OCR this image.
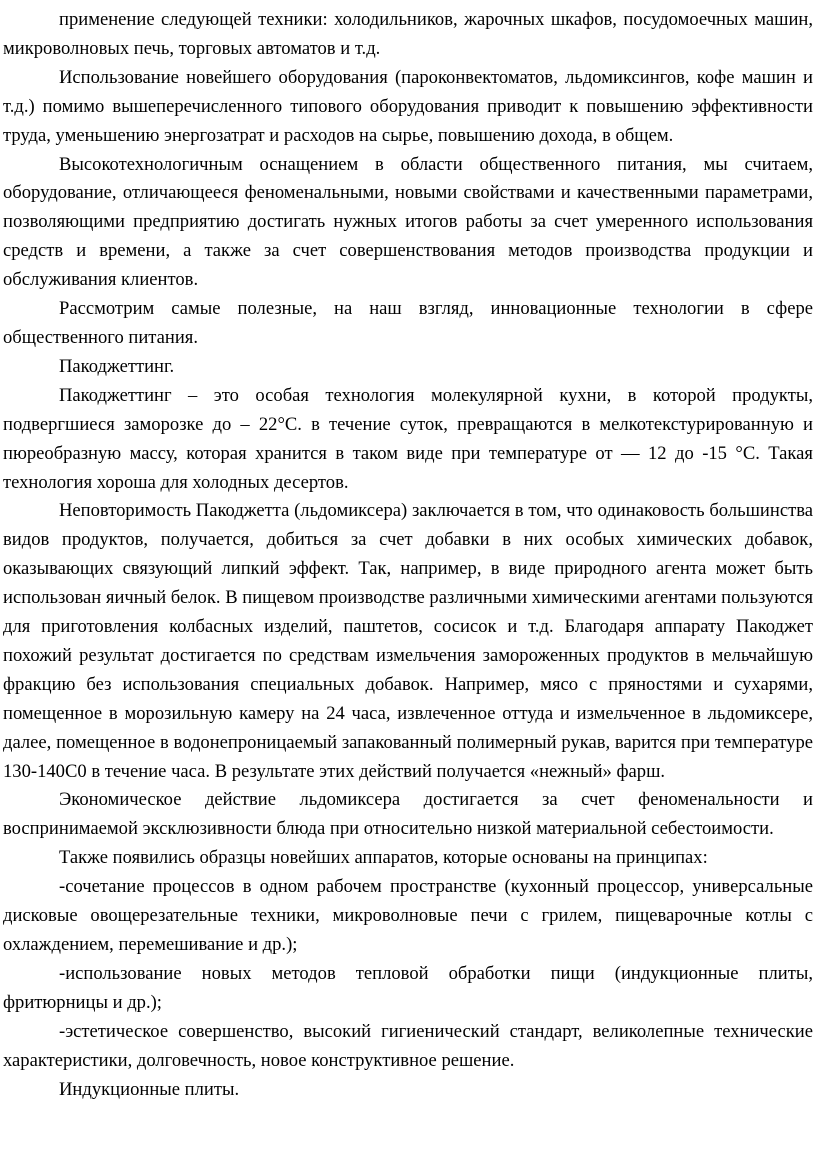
применение следующей техники: холодильников, жарочных шкафов, посудомоечных машин, микроволновых печь, торговых автоматов и т.д.

Использование новейшего оборудования (пароконвектоматов, льдомиксингов, кофе машин и т.д.) помимо вышеперечисленного типового оборудования приводит к повышению эффективности труда, уменьшению энергозатрат и расходов на сырье, повышению дохода, в общем.

Высокотехнологичным оснащением в области общественного питания, мы считаем, оборудование, отличающееся феноменальными, новыми свойствами и качественными параметрами, позволяющими предприятию достигать нужных итогов работы за счет умеренного использования средств и времени, а также за счет совершенствования методов производства продукции и обслуживания клиентов.

Рассмотрим самые полезные, на наш взгляд, инновационные технологии в сфере общественного питания.

Пакоджеттинг.

Пакоджеттинг – это особая технология молекулярной кухни, в которой продукты, подвергшиеся заморозке до – 22°С. в течение суток, превращаются в мелкотекстурированную и пюреобразную массу, которая хранится в таком виде при температуре от — 12 до -15 °С. Такая технология хороша для холодных десертов.

Неповторимость Пакоджетта (льдомиксера) заключается в том, что одинаковость большинства видов продуктов, получается, добиться за счет добавки в них особых химических добавок, оказывающих связующий липкий эффект. Так, например, в виде природного агента может быть использован яичный белок. В пищевом производстве различными химическими агентами пользуются для приготовления колбасных изделий, паштетов, сосисок и т.д. Благодаря аппарату Пакоджет похожий результат достигается по средствам измельчения замороженных продуктов в мельчайшую фракцию без использования специальных добавок. Например, мясо с пряностями и сухарями, помещенное в морозильную камеру на 24 часа, извлеченное оттуда и измельченное в льдомиксере, далее, помещенное в водонепроницаемый запакованный полимерный рукав, варится при температуре 130-140С0 в течение часа. В результате этих действий получается «нежный» фарш.

Экономическое действие льдомиксера достигается за счет феноменальности и воспринимаемой эксклюзивности блюда при относительно низкой материальной себестоимости.

Также появились образцы новейших аппаратов, которые основаны на принципах:

-сочетание процессов в одном рабочем пространстве (кухонный процессор, универсальные дисковые овощерезательные техники, микроволновые печи с грилем, пищеварочные котлы с охлаждением, перемешивание и др.);

-использование новых методов тепловой обработки пищи (индукционные плиты, фритюрницы и др.);

-эстетическое совершенство, высокий гигиенический стандарт, великолепные технические характеристики, долговечность, новое конструктивное решение.

Индукционные плиты.
